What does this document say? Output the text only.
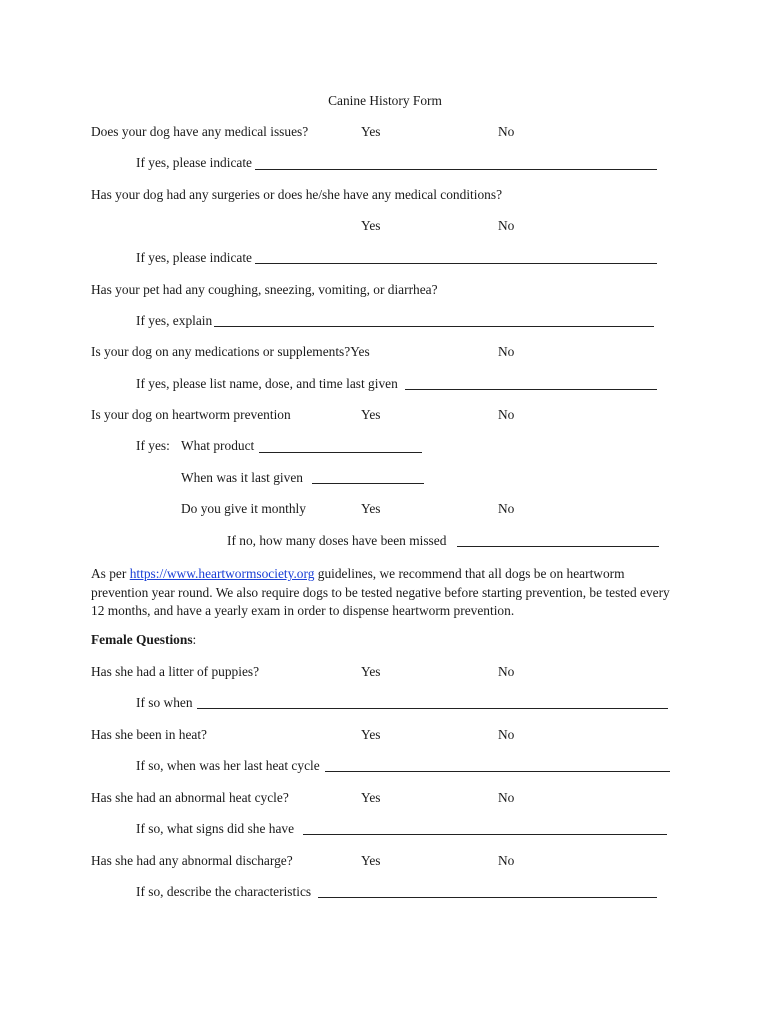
Canine History Form
Does your dog have any medical issues?	Yes	No
If yes, please indicate
Has your dog had any surgeries or does he/she have any medical conditions?
Yes	No
If yes, please indicate
Has your pet had any coughing, sneezing, vomiting, or diarrhea?
If yes, explain
Is your dog on any medications or supplements?Yes	No
If yes, please list name, dose, and time last given
Is your dog on heartworm prevention	Yes	No
If yes: What product
When was it last given
Do you give it monthly	Yes	No
If no, how many doses have been missed
As per https://www.heartwormsociety.org guidelines, we recommend that all dogs be on heartworm prevention year round. We also require dogs to be tested negative before starting prevention, be tested every 12 months, and have a yearly exam in order to dispense heartworm prevention.
Female Questions:
Has she had a litter of puppies?	Yes	No
If so when
Has she been in heat?	Yes	No
If so, when was her last heat cycle
Has she had an abnormal heat cycle?	Yes	No
If so, what signs did she have
Has she had any abnormal discharge?	Yes	No
If so, describe the characteristics
